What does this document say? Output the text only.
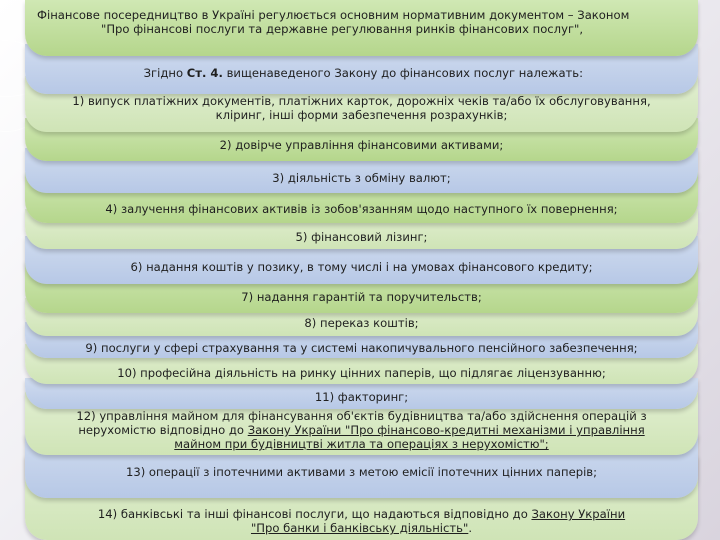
14) банківські та інші фінансові послуги, що надаються відповідно до Закону України
"Про банки і банківську діяльність".
13) операції з іпотечними активами з метою емісії іпотечних цінних паперів;
12) управління майном для фінансування об'єктів будівництва та/або здійснення операцій з
нерухомістю відповідно до Закону України "Про фінансово-кредитні механізми і управління
майном при будівництві житла та операціях з нерухомістю";
11) факторинг;
10) професійна діяльність на ринку цінних паперів, що підлягає ліцензуванню;
9) послуги у сфері страхування та у системі накопичувального пенсійного забезпечення;
8) переказ коштів;
7) надання гарантій та поручительств;
6) надання коштів у позику, в тому числі і на умовах фінансового кредиту;
5) фінансовий лізинг;
4) залучення фінансових активів із зобов'язанням щодо наступного їх повернення;
3) діяльність з обміну валют;
2) довірче управління фінансовими активами;
1) випуск платіжних документів, платіжних карток, дорожніх чеків та/або їх обслуговування,
кліринг, інші форми забезпечення розрахунків;
Згідно Ст. 4. вищенаведеного Закону до фінансових послуг належать:
Фінансове посередництво в Україні регулюється основним нормативним документом – Законом
"Про фінансові послуги та державне регулювання ринків фінансових послуг",
